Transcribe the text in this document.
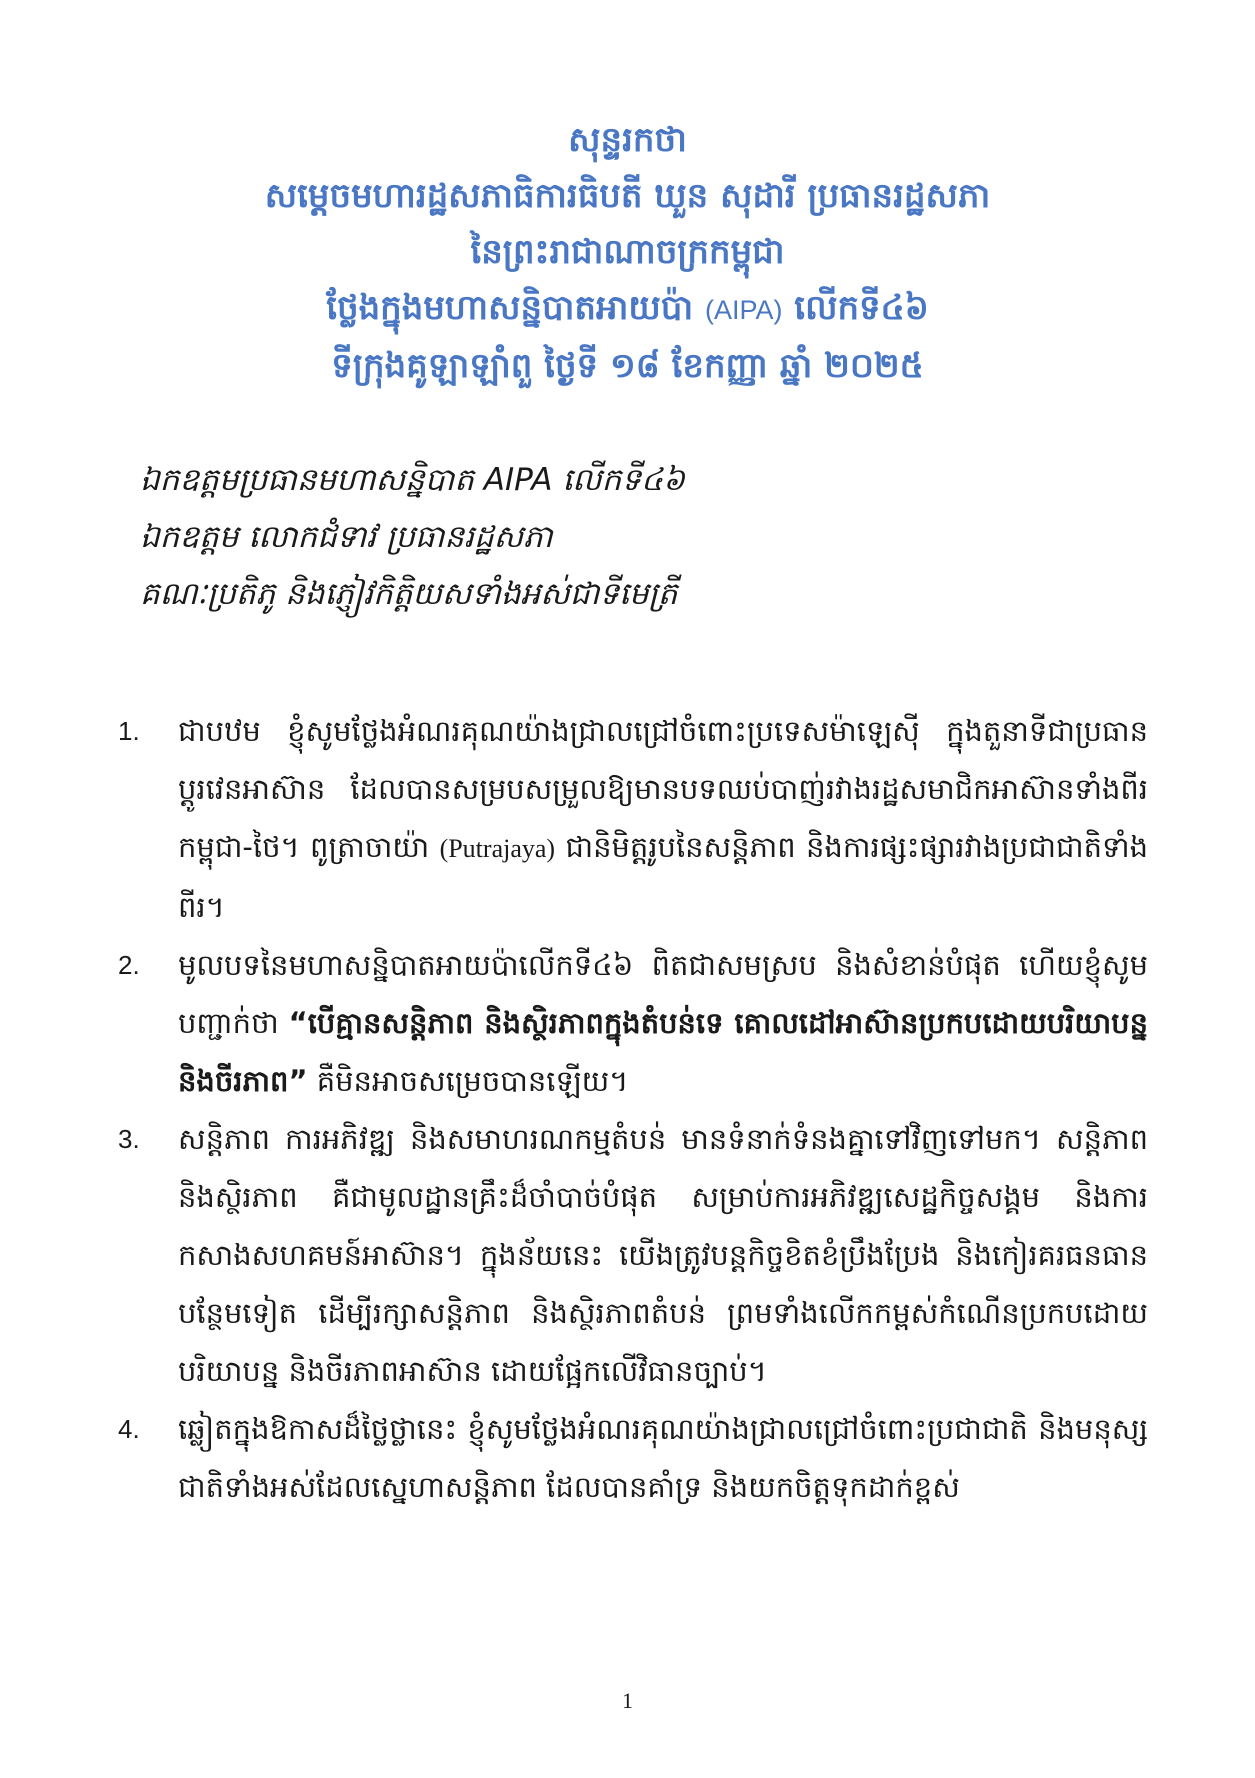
សុន្ទរកថា
សម្តេចមហារដ្ឋសភាធិការធិបតី ឃួន សុដារី ប្រធានរដ្ឋសភា
នៃព្រះរាជាណាចក្រកម្ពុជា
ថ្លែងក្នុងមហាសន្និបាតអាយប៉ា (AIPA) លើកទី៤៦
ទីក្រុងគូឡាឡាំពួ ថ្ងៃទី ១៨ ខែកញ្ញា ឆ្នាំ ២០២៥
ឯកឧត្តមប្រធានមហាសន្និបាត AIPA លើកទី៤៦
ឯកឧត្តម លោកជំទាវ ប្រធានរដ្ឋសភា
គណៈប្រតិភូ និងភ្ញៀវកិត្តិយសទាំងអស់ជាទីមេត្រី
1. ជាបឋម ខ្ញុំសូមថ្លែងអំណរគុណយ៉ាងជ្រាលជ្រៅចំពោះប្រទេសម៉ាឡេស៊ី ក្នុងតួនាទីជាប្រធានប្តូរវេនអាស៊ាន ដែលបានសម្របសម្រួលឱ្យមានបទឈប់បាញ់រវាងរដ្ឋសមាជិកអាស៊ានទាំងពីរ កម្ពុជា-ថៃ។ ពូត្រាចាយ៉ា (Putrajaya) ជានិមិត្តរូបនៃសន្តិភាព និងការផ្សះផ្សារវាងប្រជាជាតិទាំងពីរ។
2. មូលបទនៃមហាសន្និបាតអាយប៉ាលើកទី៤៦ ពិតជាសមស្រប និងសំខាន់បំផុត ហើយខ្ញុំសូមបញ្ជាក់ថា “បើគ្មានសន្តិភាព និងស្ថិរភាពក្នុងតំបន់ទេ គោលដៅអាស៊ានប្រកបដោយបរិយាបន្ន និងចីរភាព” គឺមិនអាចសម្រេចបានឡើយ។
3. សន្តិភាព ការអភិវឌ្ឍ និងសមាហរណកម្មតំបន់ មានទំនាក់ទំនងគ្នាទៅវិញទៅមក។ សន្តិភាព និងស្ថិរភាព គឺជាមូលដ្ឋានគ្រឹះដ៏ចាំបាច់បំផុត សម្រាប់ការអភិវឌ្ឍសេដ្ឋកិច្ចសង្គម និងការកសាងសហគមន៍អាស៊ាន។ ក្នុងន័យនេះ យើងត្រូវបន្តកិច្ចខិតខំប្រឹងប្រែង និងកៀរគរធនធានបន្ថែមទៀត ដើម្បីរក្សាសន្តិភាព និងស្ថិរភាពតំបន់ ព្រមទាំងលើកកម្ពស់កំណើនប្រកបដោយបរិយាបន្ន និងចីរភាពអាស៊ាន ដោយផ្អែកលើវិធានច្បាប់។
4. ឆ្លៀតក្នុងឱកាសដ៏ថ្លៃថ្លានេះ ខ្ញុំសូមថ្លែងអំណរគុណយ៉ាងជ្រាលជ្រៅចំពោះប្រជាជាតិ និងមនុស្សជាតិទាំងអស់ដែលស្នេហាសន្តិភាព ដែលបានគាំទ្រ និងយកចិត្តទុកដាក់ខ្ពស់
1
